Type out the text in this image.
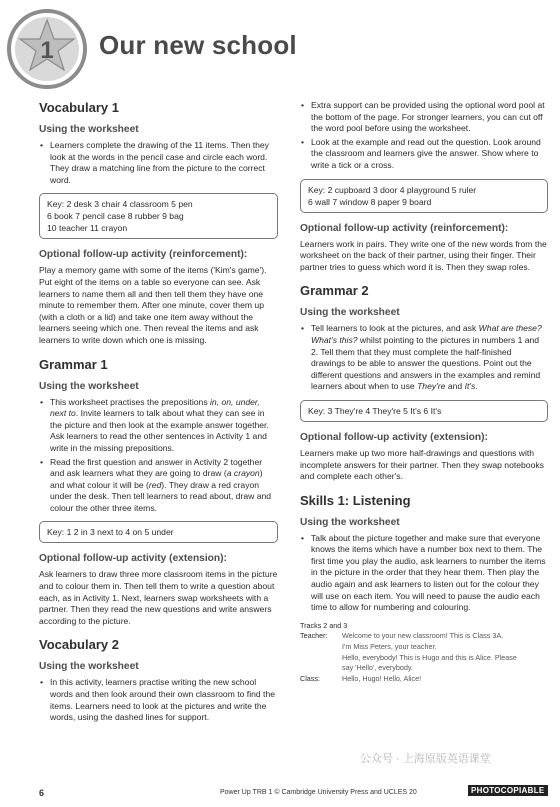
1 Our new school
Vocabulary 1
Using the worksheet
• Learners complete the drawing of the 11 items. Then they look at the words in the pencil case and circle each word. They draw a matching line from the picture to the correct word.
Key: 2 desk 3 chair 4 classroom 5 pen
6 book 7 pencil case 8 rubber 9 bag
10 teacher 11 crayon
Optional follow-up activity (reinforcement):

Play a memory game with some of the items ('Kim's game'). Put eight of the items on a table so everyone can see. Ask learners to name them all and then tell them they have one minute to remember them. After one minute, cover them up (with a cloth or a lid) and take one item away without the learners seeing which one. Then reveal the items and ask learners to write down which one is missing.

Grammar 1
Using the worksheet
• This worksheet practises the prepositions in, on, under, next to. Invite learners to talk about what they can see in the picture and then look at the example answer together. Ask learners to read the other sentences in Activity 1 and write in the missing prepositions.
• Read the first question and answer in Activity 2 together and ask learners what they are going to draw (a crayon) and what colour it will be (red). They draw a red crayon under the desk. Then tell learners to read about, draw and colour the other three items.
Key: 1 2 in 3 next to 4 on 5 under
Optional follow-up activity (extension):

Ask learners to draw three more classroom items in the picture and to colour them in. Then tell them to write a question about each, as in Activity 1. Next, learners swap worksheets with a partner. Then they read the new questions and write answers according to the picture.

Vocabulary 2
Using the worksheet
• In this activity, learners practise writing the new school words and then look around their own classroom to find the items. Learners need to look at the pictures and write the words, using the dashed lines for support.
• Extra support can be provided using the optional word pool at the bottom of the page. For stronger learners, you can cut off the word pool before using the worksheet.
• Look at the example and read out the question. Look around the classroom and learners give the answer. Show where to write a tick or a cross.
Key: 2 cupboard 3 door 4 playground 5 ruler
6 wall 7 window 8 paper 9 board
Optional follow-up activity (reinforcement):

Learners work in pairs. They write one of the new words from the worksheet on the back of their partner, using their finger. Their partner tries to guess which word it is. Then they swap roles.

Grammar 2
Using the worksheet
• Tell learners to look at the pictures, and ask What are these? What's this? whilst pointing to the pictures in numbers 1 and 2. Tell them that they must complete the half-finished drawings to be able to answer the questions. Point out the different questions and answers in the examples and remind learners about when to use They're and It's.
Key: 3 They're 4 They're 5 It's 6 It's
Optional follow-up activity (extension):

Learners make up two more half-drawings and questions with incomplete answers for their partner. Then they swap notebooks and complete each other's.

Skills 1: Listening
Using the worksheet
• Talk about the picture together and make sure that everyone knows the items which have a number box next to them. The first time you play the audio, ask learners to number the items in the picture in the order that they hear them. Then play the audio again and ask learners to listen out for the colour they will use on each item. You will need to pause the audio each time to allow for numbering and colouring.
Tracks 2 and 3
Teacher:	Welcome to your new classroom! This is Class 3A.
I'm Miss Peters, your teacher.
Hello, everybody! This is Hugo and this is Alice. Please
say 'Hello', everybody.
Class:	Hello, Hugo! Hello, Alice!
公众号 · 上海原版英语课堂
6	Power Up TRB 1 © Cambridge University Press and UCLES 20	PHOTOCOPIABLE
